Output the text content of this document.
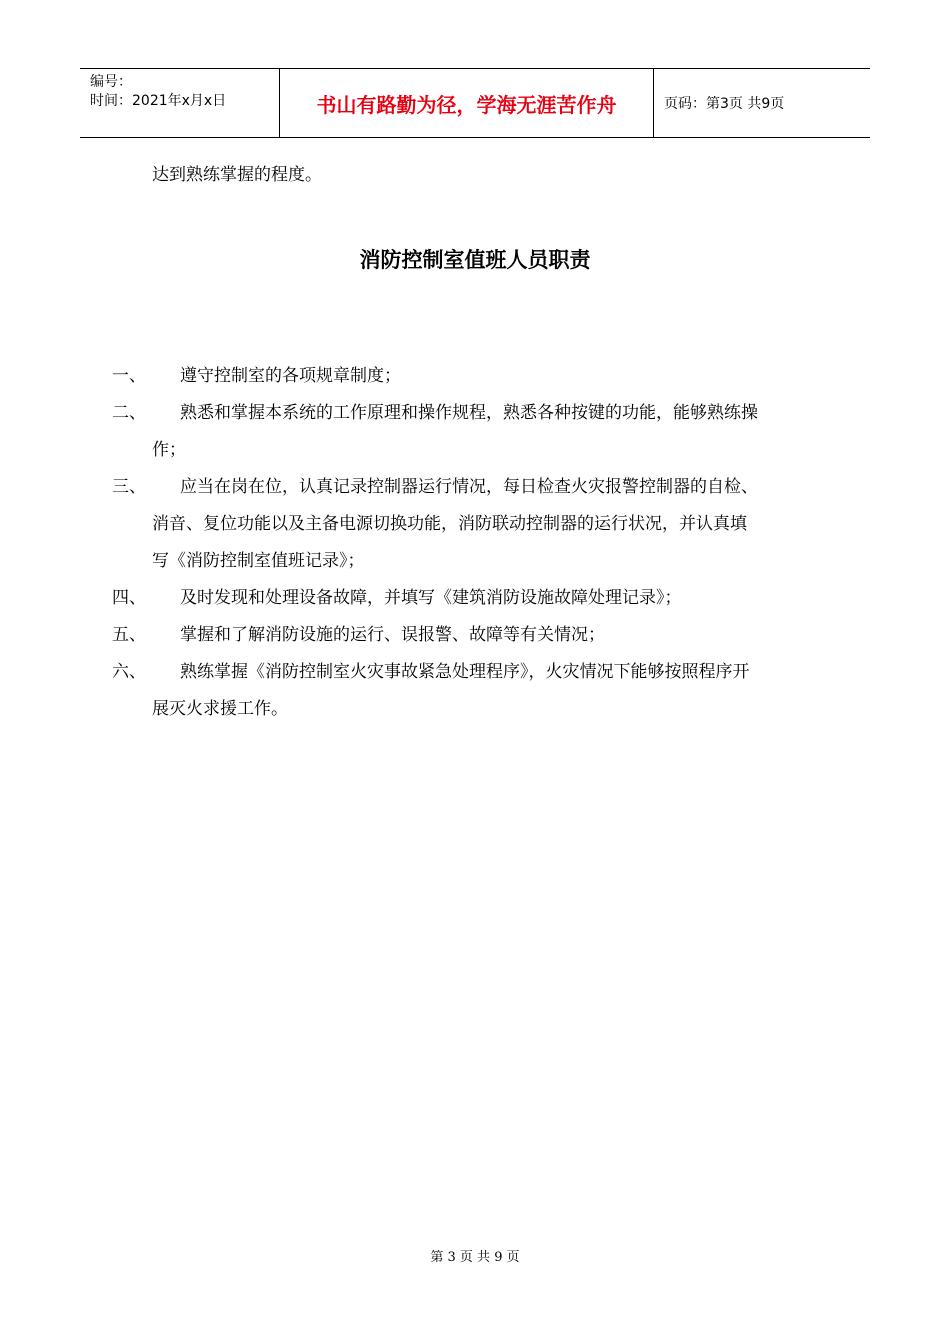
编号：
时间：2021年x月x日	书山有路勤为径，学海无涯苦作舟	页码：第3页 共9页
达到熟练掌握的程度。
消防控制室值班人员职责
一、	遵守控制室的各项规章制度；
二、	熟悉和掌握本系统的工作原理和操作规程，熟悉各种按键的功能，能够熟练操
作；
三、	应当在岗在位，认真记录控制器运行情况，每日检查火灾报警控制器的自检、
消音、复位功能以及主备电源切换功能，消防联动控制器的运行状况，并认真填
写《消防控制室值班记录》；
四、	及时发现和处理设备故障，并填写《建筑消防设施故障处理记录》；
五、	掌握和了解消防设施的运行、误报警、故障等有关情况；
六、	熟练掌握《消防控制室火灾事故紧急处理程序》，火灾情况下能够按照程序开
展灭火求援工作。
第 3 页 共 9 页
